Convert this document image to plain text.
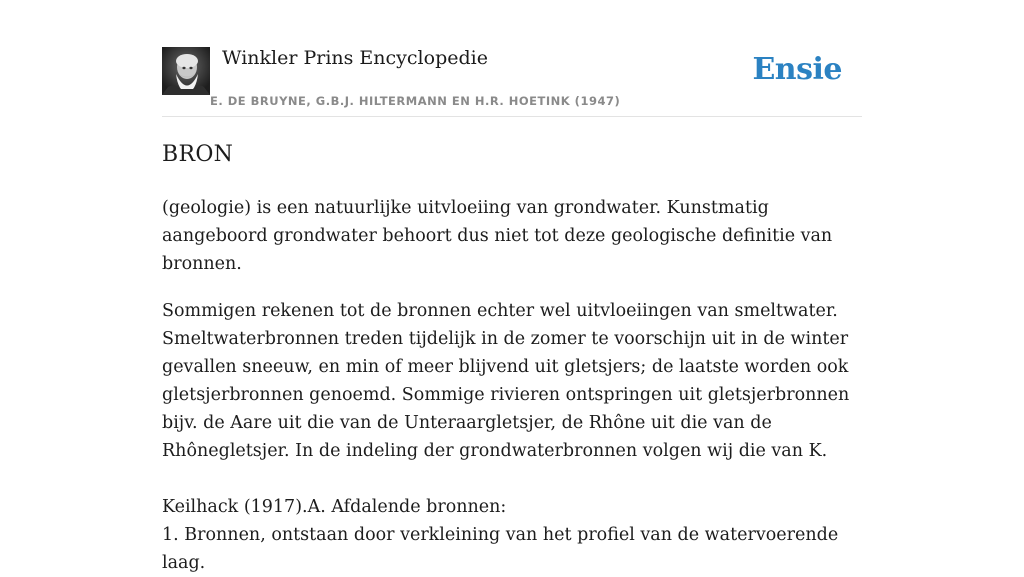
Winkler Prins Encyclopedie
E. DE BRUYNE, G.B.J. HILTERMANN EN H.R. HOETINK (1947)
Ensie
BRON

(geologie) is een natuurlijke uitvloeiing van grondwater. Kunstmatig aangeboord grondwater behoort dus niet tot deze geologische definitie van bronnen.

Sommigen rekenen tot de bronnen echter wel uitvloeiingen van smeltwater. Smeltwaterbronnen treden tijdelijk in de zomer te voorschijn uit in de winter gevallen sneeuw, en min of meer blijvend uit gletsjers; de laatste worden ook gletsjerbronnen genoemd. Sommige rivieren ontspringen uit gletsjerbronnen bijv. de Aare uit die van de Unteraargletsjer, de Rhône uit die van de Rhônegletsjer. In de indeling der grondwaterbronnen volgen wij die van K.

Keilhack (1917).A. Afdalende bronnen:

1. Bronnen, ontstaan door verkleining van het profiel van de watervoerende laag.
